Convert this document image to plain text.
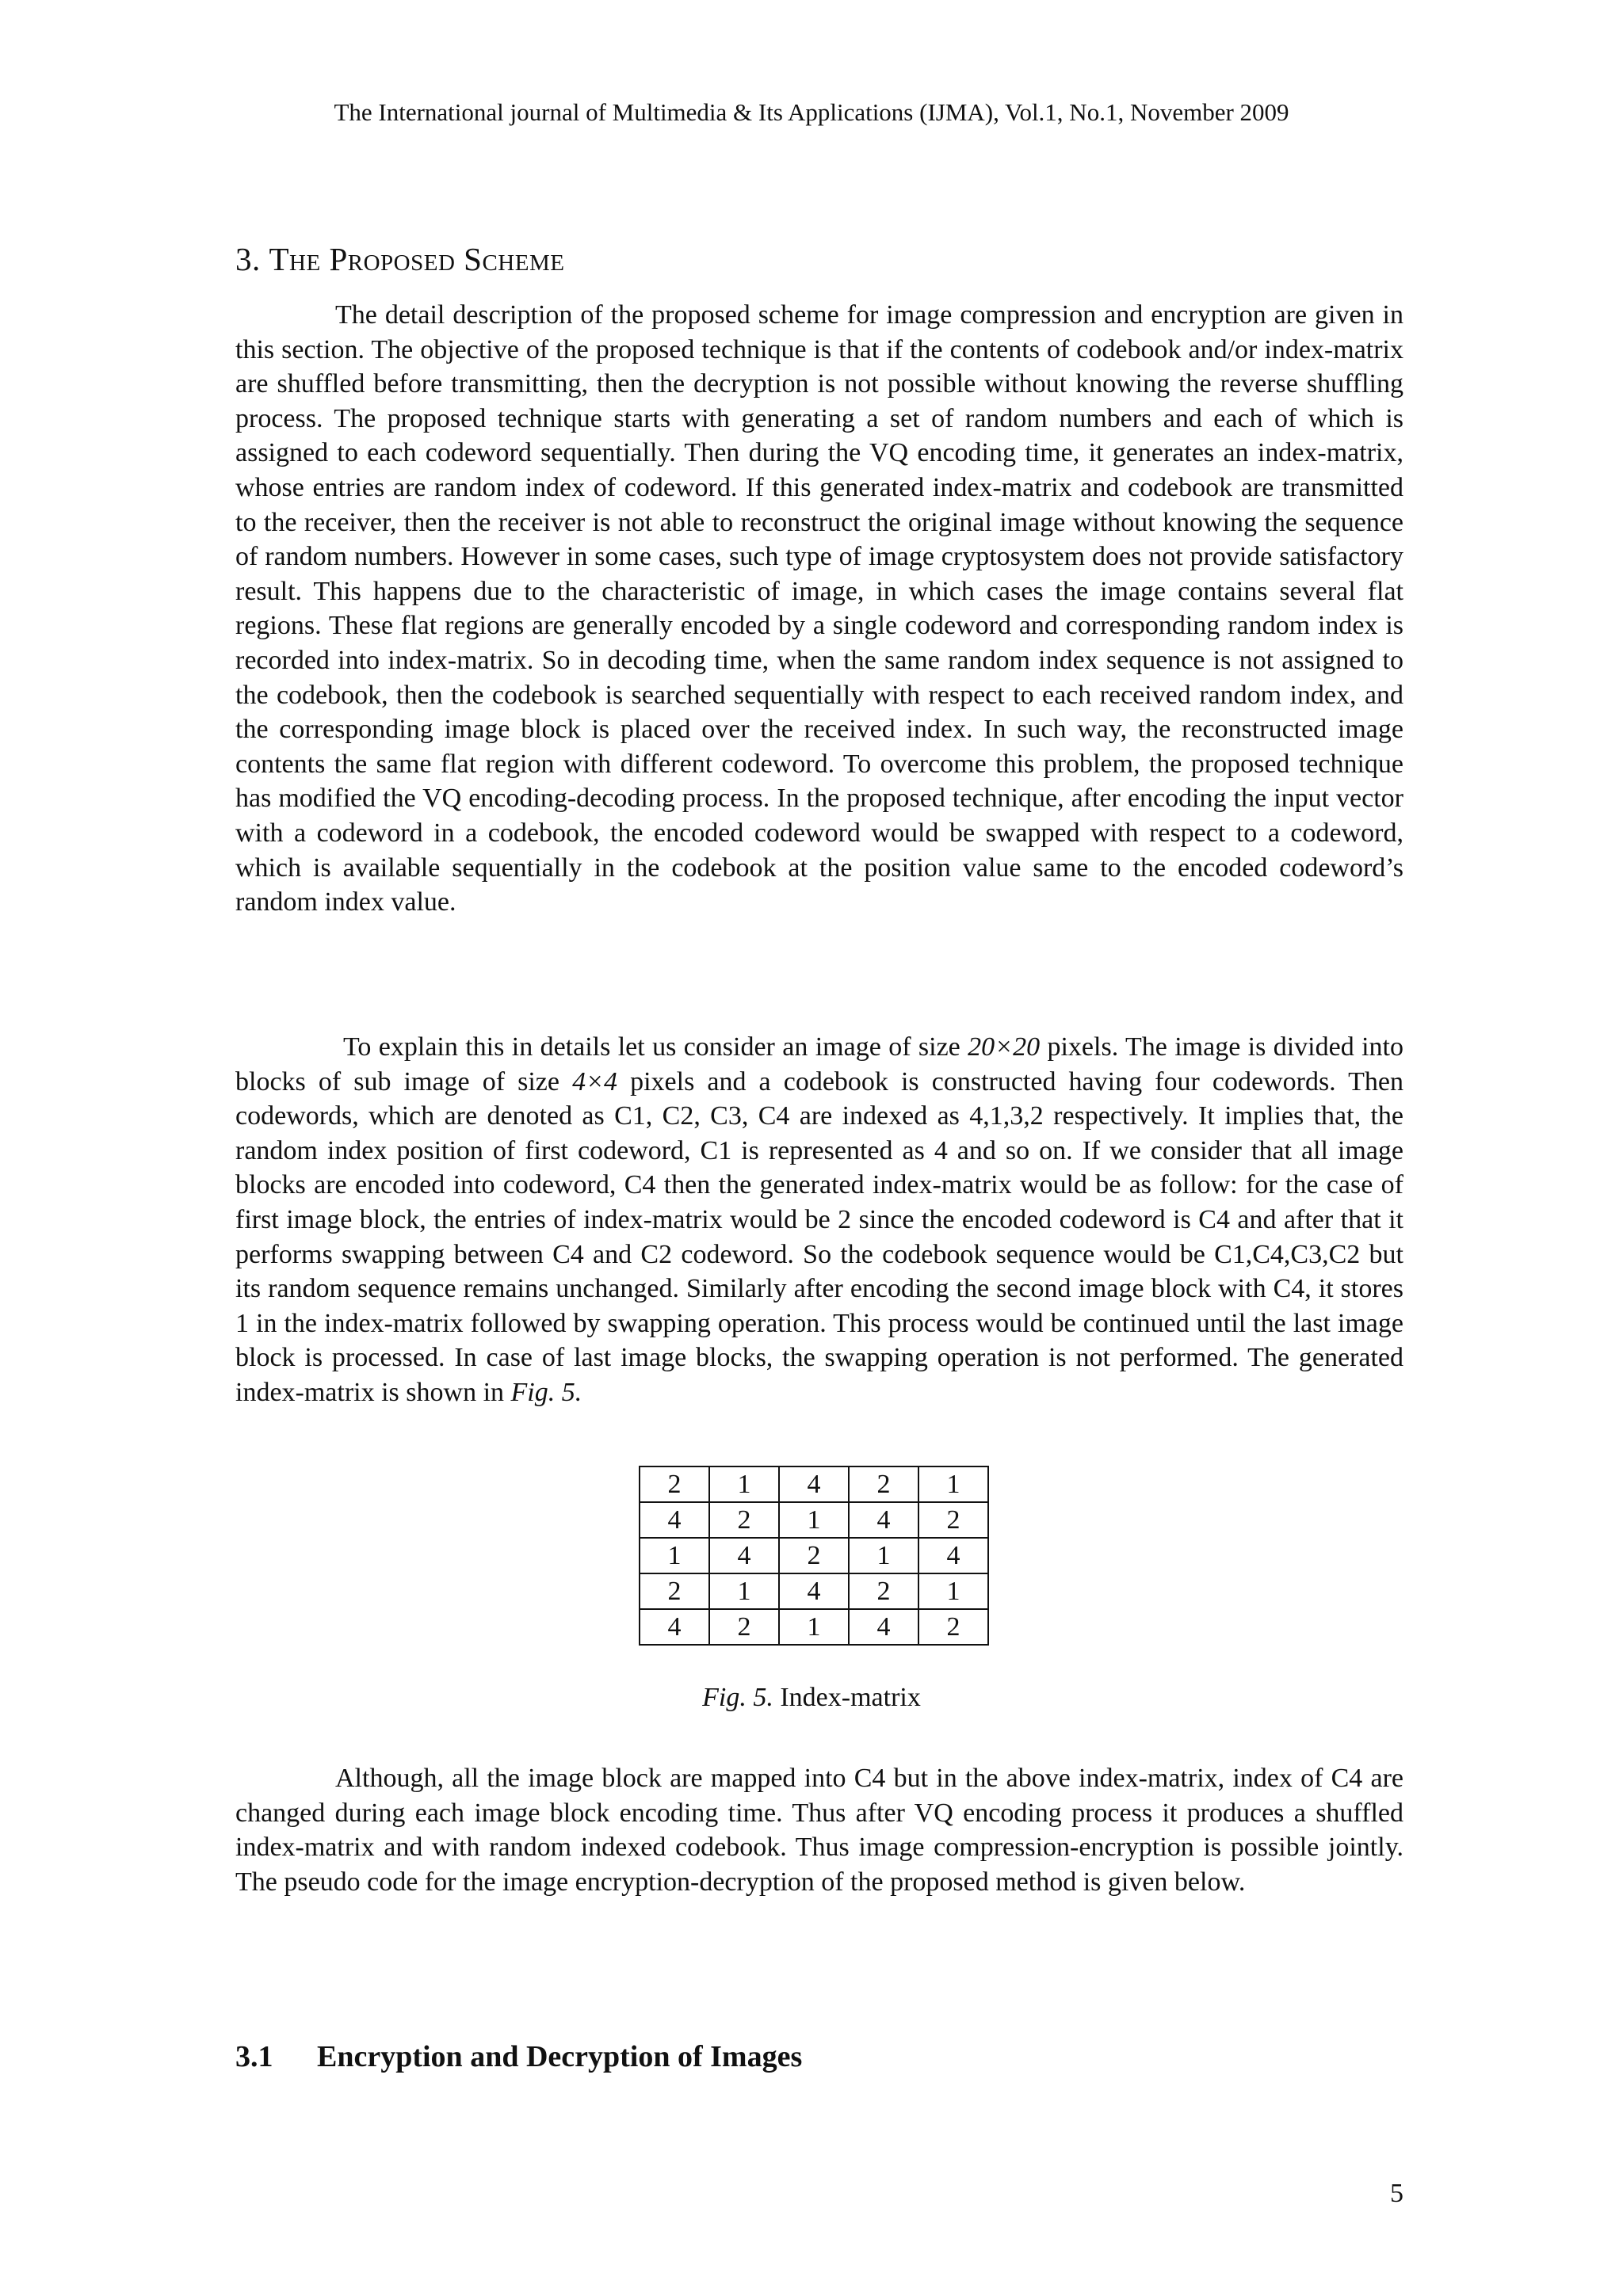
The International journal of Multimedia & Its Applications (IJMA), Vol.1, No.1, November 2009
3. The Proposed Scheme

The detail description of the proposed scheme for image compression and encryption are given in this section. The objective of the proposed technique is that if the contents of codebook and/or index-matrix are shuffled before transmitting, then the decryption is not possible without knowing the reverse shuffling process. The proposed technique starts with generating a set of random numbers and each of which is assigned to each codeword sequentially. Then during the VQ encoding time, it generates an index-matrix, whose entries are random index of codeword. If this generated index-matrix and codebook are transmitted to the receiver, then the receiver is not able to reconstruct the original image without knowing the sequence of random numbers. However in some cases, such type of image cryptosystem does not provide satisfactory result. This happens due to the characteristic of image, in which cases the image contains several flat regions. These flat regions are generally encoded by a single codeword and corresponding random index is recorded into index-matrix. So in decoding time, when the same random index sequence is not assigned to the codebook, then the codebook is searched sequentially with respect to each received random index, and the corresponding image block is placed over the received index. In such way, the reconstructed image contents the same flat region with different codeword. To overcome this problem, the proposed technique has modified the VQ encoding-decoding process. In the proposed technique, after encoding the input vector with a codeword in a codebook, the encoded codeword would be swapped with respect to a codeword, which is available sequentially in the codebook at the position value same to the encoded codeword’s random index value.

To explain this in details let us consider an image of size 20×20 pixels. The image is divided into blocks of sub image of size 4×4 pixels and a codebook is constructed having four codewords. Then codewords, which are denoted as C1, C2, C3, C4 are indexed as 4,1,3,2 respectively. It implies that, the random index position of first codeword, C1 is represented as 4 and so on. If we consider that all image blocks are encoded into codeword, C4 then the generated index-matrix would be as follow: for the case of first image block, the entries of index-matrix would be 2 since the encoded codeword is C4 and after that it performs swapping between C4 and C2 codeword. So the codebook sequence would be C1,C4,C3,C2 but its random sequence remains unchanged. Similarly after encoding the second image block with C4, it stores 1 in the index-matrix followed by swapping operation. This process would be continued until the last image block is processed. In case of last image blocks, the swapping operation is not performed. The generated index-matrix is shown in Fig. 5.

2	1	4	2	1
4	2	1	4	2
1	4	2	1	4
2	1	4	2	1
4	2	1	4	2
Fig. 5. Index-matrix

Although, all the image block are mapped into C4 but in the above index-matrix, index of C4 are changed during each image block encoding time. Thus after VQ encoding process it produces a shuffled index-matrix and with random indexed codebook. Thus image compression-encryption is possible jointly. The pseudo code for the image encryption-decryption of the proposed method is given below.

3.1 Encryption and Decryption of Images
5
